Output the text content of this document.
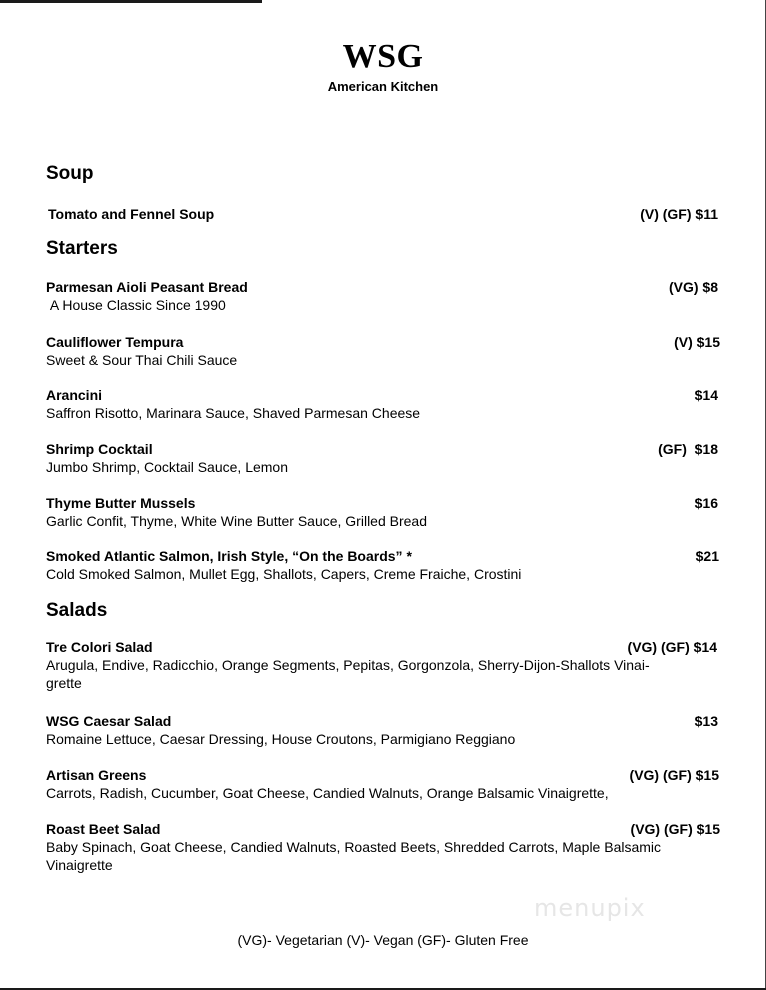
WSG
American Kitchen
Soup
Tomato and Fennel Soup	(V) (GF) $11
Starters
Parmesan Aioli Peasant Bread	(VG) $8
A House Classic Since 1990
Cauliflower Tempura	(V) $15
Sweet & Sour Thai Chili Sauce
Arancini	$14
Saffron Risotto, Marinara Sauce, Shaved Parmesan Cheese
Shrimp Cocktail	(GF)  $18
Jumbo Shrimp, Cocktail Sauce, Lemon
Thyme Butter Mussels	$16
Garlic Confit, Thyme, White Wine Butter Sauce, Grilled Bread
Smoked Atlantic Salmon, Irish Style, “On the Boards” *	$21
Cold Smoked Salmon, Mullet Egg, Shallots, Capers, Creme Fraiche, Crostini
Salads
Tre Colori Salad	(VG) (GF) $14
Arugula, Endive, Radicchio, Orange Segments, Pepitas, Gorgonzola, Sherry-Dijon-Shallots Vinai-
grette
WSG Caesar Salad	$13
Romaine Lettuce, Caesar Dressing, House Croutons, Parmigiano Reggiano
Artisan Greens	(VG) (GF) $15
Carrots, Radish, Cucumber, Goat Cheese, Candied Walnuts, Orange Balsamic Vinaigrette,
Roast Beet Salad	(VG) (GF) $15
Baby Spinach, Goat Cheese, Candied Walnuts, Roasted Beets, Shredded Carrots, Maple Balsamic
Vinaigrette
menupix
(VG)- Vegetarian (V)- Vegan (GF)- Gluten Free
